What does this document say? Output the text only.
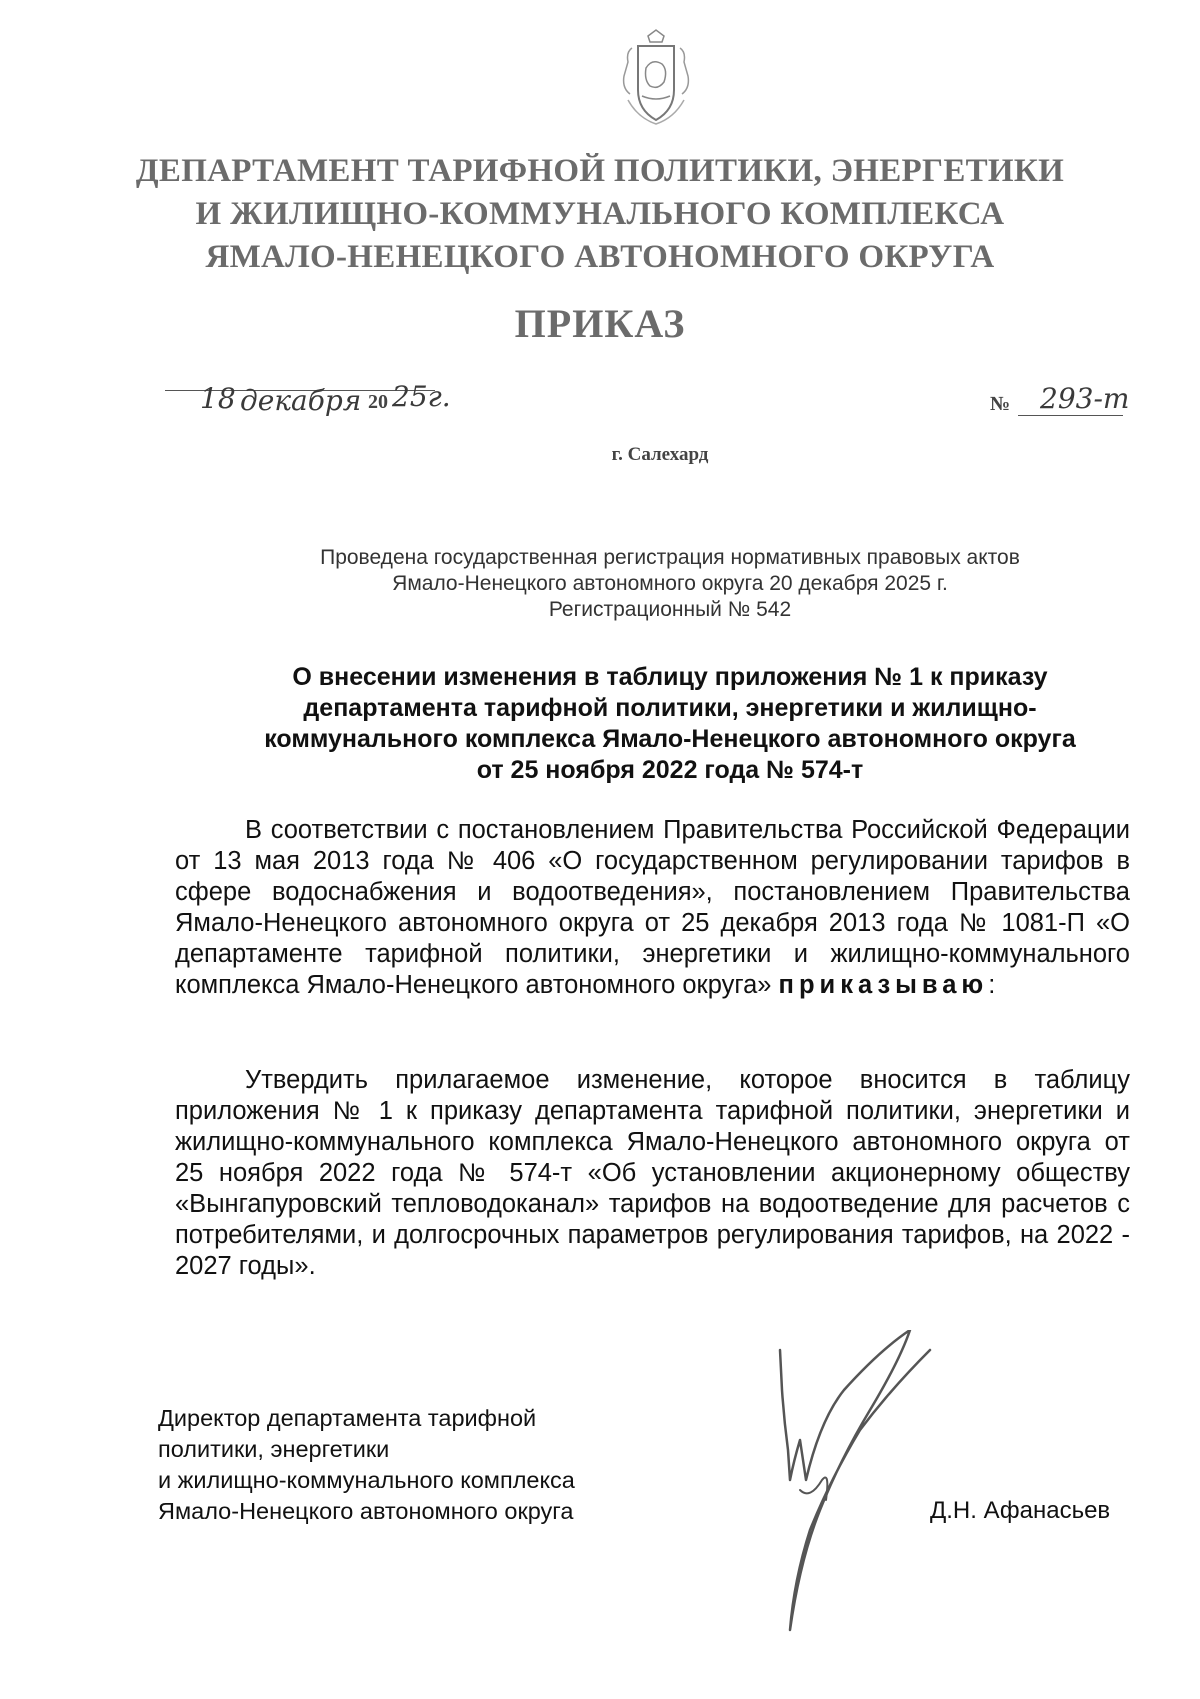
ДЕПАРТАМЕНТ ТАРИФНОЙ ПОЛИТИКИ, ЭНЕРГЕТИКИ
И ЖИЛИЩНО-КОММУНАЛЬНОГО КОМПЛЕКСА
ЯМАЛО-НЕНЕЦКОГО АВТОНОМНОГО ОКРУГА
ПРИКАЗ
18 декабря 20 25г.	№ 293-т
г. Салехард
Проведена государственная регистрация нормативных правовых актов
Ямало-Ненецкого автономного округа 20 декабря 2025 г.
Регистрационный № 542
О внесении изменения в таблицу приложения № 1 к приказу
департамента тарифной политики, энергетики и жилищно-
коммунального комплекса Ямало-Ненецкого автономного округа
от 25 ноября 2022 года № 574-т
В соответствии с постановлением Правительства Российской Федерации от 13 мая 2013 года № 406 «О государственном регулировании тарифов в сфере водоснабжения и водоотведения», постановлением Правительства Ямало-Ненецкого автономного округа от 25 декабря 2013 года № 1081-П «О департаменте тарифной политики, энергетики и жилищно-коммунального комплекса Ямало-Ненецкого автономного округа» приказываю:
Утвердить прилагаемое изменение, которое вносится в таблицу приложения № 1 к приказу департамента тарифной политики, энергетики и жилищно-коммунального комплекса Ямало-Ненецкого автономного округа от 25 ноября 2022 года № 574-т «Об установлении акционерному обществу «Вынгапуровский тепловодоканал» тарифов на водоотведение для расчетов с потребителями, и долгосрочных параметров регулирования тарифов, на 2022 - 2027 годы».
Директор департамента тарифной
политики, энергетики
и жилищно-коммунального комплекса
Ямало-Ненецкого автономного округа	Д.Н. Афанасьев
